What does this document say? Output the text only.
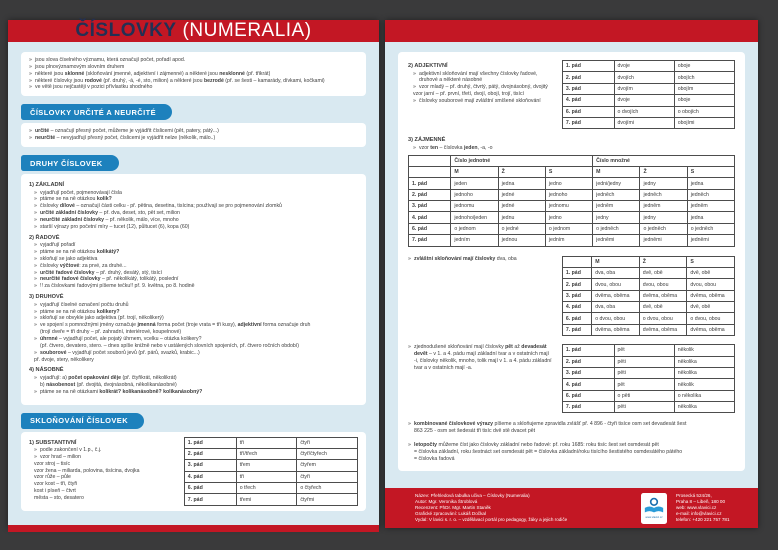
ČÍSLOVKY (NUMERALIA)
» jsou slova číselného významu, která označují počet, pořadí apod.
» jsou plnovýznamovým slovním druhem
» některé jsou sklonné (skloňování jmenné, adjektivní i zájmenné) a některé jsou nesklonné (př. třikrát)
» některé číslovky jsou rodové (př. druhý, -á, -é, sto, milion) a některé jsou bezrodé (př. se šesti – kamarády, dívkami, kočkami)
» ve větě jsou nejčastěji v pozici přívlastku shodného
ČÍSLOVKY URČITÉ A NEURČITÉ
» určité – označují přesný počet, můžeme je vyjádřit číslicemi (pět, patery, pátý...)
» neurčité – nevyjadřují přesný počet, číslicemi je vyjádřit nelze (několik, málo..)
DRUHY ČÍSLOVEK
1) ZÁKLADNÍ
» vyjadřují počet, pojmenovávají čísla
» ptáme se na ně otázkou kolik?
» číslovky dílové – označují části celku - př. pětina, desetina, tisícina; používají se pro pojmenování zlomků
» určité základní číslovky – př. dva, deset, sto, pět set, milion
» neurčité základní číslovky – př. několik, málo, více, mnoho
» starší výrazy pro početní míry – tucet (12), půltucet (6), kopa (60)
2) ŘADOVÉ
» vyjadřují pořadí
» ptáme se na ně otázkou kolikátý?
» skloňují se jako adjektiva
» číslovky výčtové: za prvé, za druhé...
» určité řadové číslovky – př. druhý, desátý, stý, tisící
» neurčité řadové číslovky – př. několikátý, tolikátý, poslední
» !! za číslovkami řadovými píšeme tečku!! př. 9. května, po 8. hodině
3) DRUHOVÉ
» vyjadřují číselné označení počtu druhů
» ptáme se na ně otázkou kolikery?
» skloňují se obvykle jako adjektiva (př. trojí, několikerý)
» ve spojení s pomnožnými jmény označuje jmenná forma počet (troje vrata = tři kusy), adjektivní forma označuje druh
(trojí dveře = tři druhy – př. zahradní, interiérové, koupelnové)
» úhrnné – vyjadřují počet, ale pojatý úhrnem, vcelku – otázka kolikery?
(př. čtvero, devatero, stero. – dnes spíše knižně nebo v ustálených slovních spojeních, př. čtvero ročních období)
» souborové – vyjadřují počet souborů jevů (př. párů, svazků, krabic...)
př. dvoje, stery, několikery
4) NÁSOBNÉ
» vyjadřují: a) počet opakování děje (př. čtyřikrát, několikrát)
b) násobenost (př. dvojitá, dvojnásobná, několikanásobné)
» ptáme se na ně otázkami kolikrát? kolikanásobně? kolikanásobný?
SKLOŇOVÁNÍ ČÍSLOVEK
1) SUBSTANTIVNÍ
» podle zakončení v 1.p., č.j.
» vzor hrad – milion
vzor stroj – tisíc
vzor žena – miliarda, polovina, tisícina, dvojka
vzor růže – půle
vzor kost – tři, čtyři
kost i píseň – čtvrt
města – sto, desatero
1. pád	tři	čtyři
2. pád	tří/třech	čtyř/čtyřech
3. pád	třem	čtyřem
4. pád	tři	čtyři
6. pád	o třech	o čtyřech
7. pád	třemi	čtyřmi
2) ADJEKTIVNÍ
» adjektivní skloňování mají všechny číslovky řadové, druhové a některé násobné
» vzor mladý – př. druhý, čtvrtý, pátý, dvojnásobný, dvojitý
vzor jarní – př. první, třetí, dvojí, obojí, trojí, tisící
» číslovky souborové mají zvláštní smíšené skloňování
1. pád	dvoje	oboje
2. pád	dvojích	obojích
3. pád	dvojím	obojím
4. pád	dvoje	oboje
6. pád	o dvojích	o obojích
7. pád	dvojími	obojími
3) ZÁJMENNÉ
» vzor ten – číslovka jeden, -a, -o
	Číslo jednotné			Číslo množné		
	M	Ž	S	M	Ž	S
1. pád	jeden	jedna	jedno	jedni/jedny	jedny	jedna
2. pád	jednoho	jedné	jednoho	jedněch	jedněch	jedněch
3. pád	jednomu	jedné	jednomu	jedněm	jedněm	jedněm
4. pád	jednoho/jeden	jednu	jedno	jedny	jedny	jedna
6. pád	o jednom	o jedné	o jednom	o jedněch	o jedněch	o jedněch
7. pád	jedním	jednou	jedním	jedněmi	jedněmi	jedněmi
» zvláštní skloňování mají číslovky dva, oba
	M	Ž	S
1. pád	dva, oba	dvě, obě	dvě, obě
2. pád	dvou, obou	dvou, obou	dvou, obou
3. pád	dvěma, oběma	dvěma, oběma	dvěma, oběma
4. pád	dva, oba	dvě, obě	dvě, obě
6. pád	o dvou, obou	o dvou, obou	o dvou, obou
7. pád	dvěma, oběma	dvěma, oběma	dvěma, oběma
» zjednodušené skloňování mají číslovky pět až devadesát devět – v 1. a 4. pádu mají základní tvar a v ostatních mají -i, číslovky několik, mnoho, tolik mají v 1. a 4. pádu základní tvar a v ostatních mají -a.
1. pád	pět	několik
2. pád	pěti	několika
3. pád	pěti	několika
4. pád	pět	několik
6. pád	o pěti	o několika
7. pád	pěti	několika
» kombinované číslovkové výrazy píšeme a skloňujeme zpravidla zvlášť př. 4 896 - čtyři tisíce osm set devadesát šest
863 225 - osm set šedesát tři tisíc dvě stě dvacet pět
» letopočty můžeme číst jako číslovky základní nebo řadové: př. roku 1685: roku tisíc šest set osmdesát pět
= číslovka základní, roku šestnáct set osmdesát pět = číslovka základní/roku tisícího šestistého osmdesátého pátého
= číslovka řadová
Název: Přehledová tabulka učiva – Číslovky (Numeralia)
Autor: Mgr. Veronika Štroblová
Recenzent: PhDr. Mgr. Martin Staněk
Grafické zpracování: Lukáš Dočkal
Vydal: V lavici s. r. o. – vzdělávací portál pro pedagogy, žáky a jejich rodiče	www.vlavici.cz
Prosecká 524/26,
Praha 8 – Libeň, 180 00
web: www.vlavici.cz
e-mail: info@vlavici.cz
telefon: +420 221 757 781
